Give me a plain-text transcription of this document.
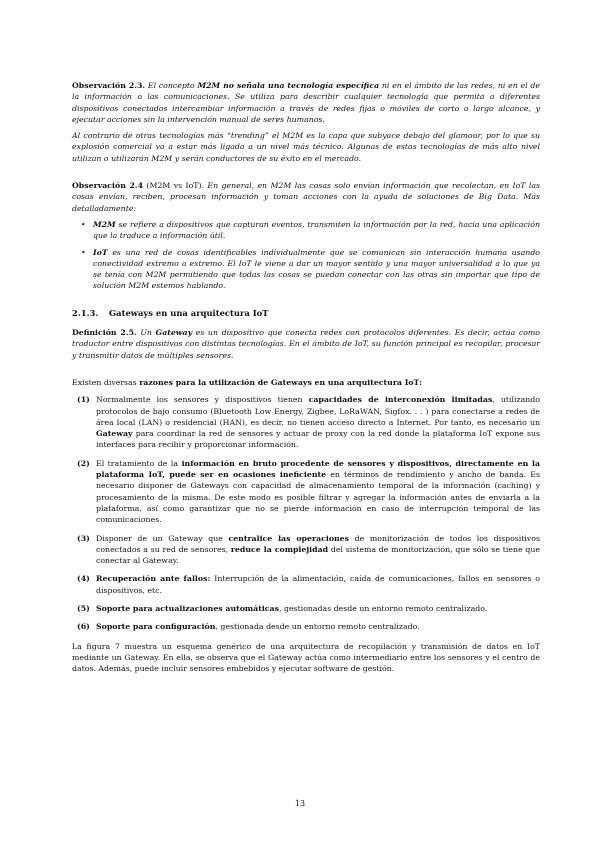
Observación 2.3. El concepto M2M no señala una tecnología específica ni en el ámbito de las redes, ni en el de la información o las comunicaciones. Se utiliza para describir cualquier tecnología que permita a diferentes dispositivos conectados intercambiar información a través de redes fijas o móviles de corto o largo alcance, y ejecutar acciones sin la intervención manual de seres humanos.

Al contrario de otras tecnologías más “trending” el M2M es la capa que subyace debajo del glamour, por lo que su explosión comercial va a estar más ligada a un nivel más técnico. Algunas de estas tecnologías de más alto nivel utilizan o utilizarán M2M y serán conductores de su éxito en el mercado.

Observación 2.4 (M2M vs IoT). En general, en M2M las cosas solo envían información que recolectan, en IoT las cosas envían, reciben, procesan información y toman acciones con la ayuda de soluciones de Big Data. Más detalladamente:

• M2M se refiere a dispositivos que capturan eventos, transmiten la información por la red, hacia una aplicación que la traduce a información útil.
• IoT es una red de cosas identificables individualmente que se comunican sin interacción humana usando conectividad extremo a extremo. El IoT le viene a dar un mayor sentido y una mayor universalidad a lo que ya se tenía con M2M permitiendo que todas las cosas se puedan conectar con las otras sin importar que tipo de solución M2M estemos hablando.

2.1.3. Gateways en una arquitectura IoT

Definición 2.5. Un Gateway es un dispositivo que conecta redes con protocolos diferentes. Es decir, actúa como traductor entre dispositivos con distintas tecnologías. En el ámbito de IoT, su función principal es recopilar, procesar y transmitir datos de múltiples sensores.

Existen diversas razones para la utilización de Gateways en una arquitectura IoT:

(1) Normalmente los sensores y dispositivos tienen capacidades de interconexión limitadas, utilizando protocolos de bajo consumo (Bluetooth Low Energy, Zigbee, LoRaWAN, Sigfox. . . ) para conectarse a redes de área local (LAN) o residencial (HAN), es decir, no tienen acceso directo a Internet. Por tanto, es necesario un Gateway para coordinar la red de sensores y actuar de proxy con la red donde la plataforma IoT expone sus interfaces para recibir y proporcionar información.
(2) El tratamiento de la información en bruto procedente de sensores y dispositivos, directamente en la plataforma IoT, puede ser en ocasiones ineficiente en términos de rendimiento y ancho de banda. Es necesario disponer de Gateways con capacidad de almacenamiento temporal de la información (caching) y procesamiento de la misma. De este modo es posible filtrar y agregar la información antes de enviarla a la plataforma, así como garantizar que no se pierde información en caso de interrupción temporal de las comunicaciones.
(3) Disponer de un Gateway que centralice las operaciones de monitorización de todos los dispositivos conectados a su red de sensores, reduce la complejidad del sistema de monitorización, que sólo se tiene que conectar al Gateway.
(4) Recuperación ante fallos: Interrupción de la alimentación, caída de comunicaciones, fallos en sensores o dispositivos, etc.
(5) Soporte para actualizaciones automáticas, gestionadas desde un entorno remoto centralizado.
(6) Soporte para configuración, gestionada desde un entorno remoto centralizado.

La figura 7 muestra un esquema genérico de una arquitectura de recopilación y transmisión de datos en IoT mediante un Gateway. En ella, se observa que el Gateway actúa como intermediario entre los sensores y el centro de datos. Además, puede incluir sensores embebidos y ejecutar software de gestión.

13
